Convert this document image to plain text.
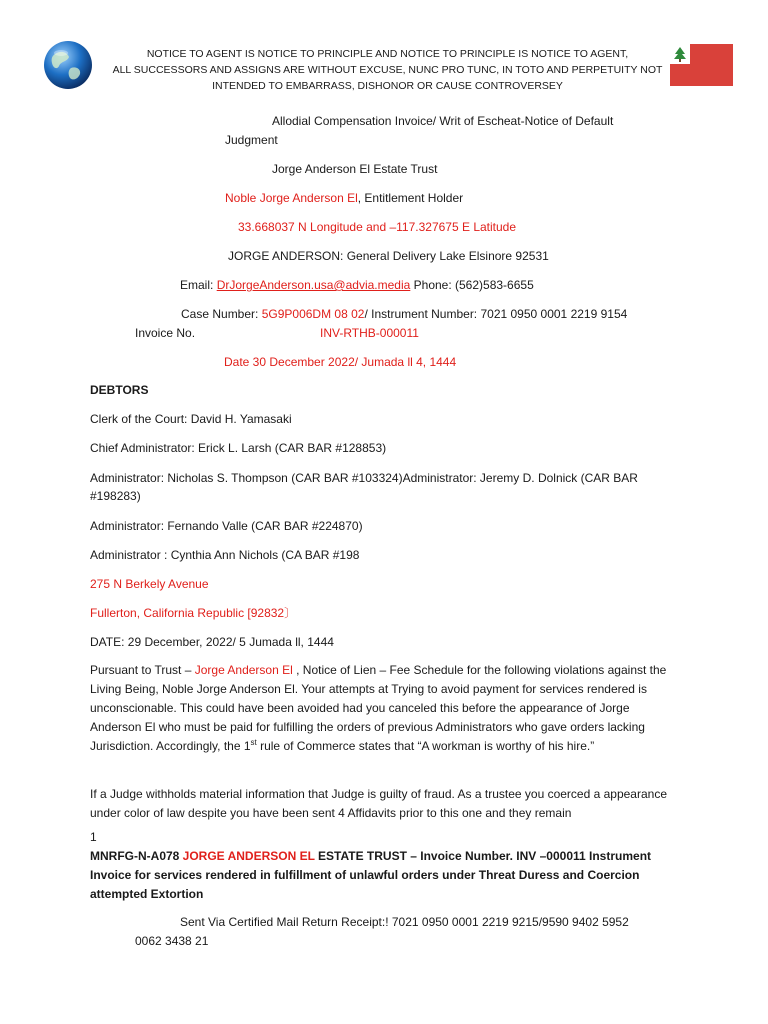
NOTICE TO AGENT IS NOTICE TO PRINCIPLE AND NOTICE TO PRINCIPLE IS NOTICE TO AGENT,
ALL SUCCESSORS AND ASSIGNS ARE WITHOUT EXCUSE, NUNC PRO TUNC, IN TOTO AND PERPETUITY NOT
INTENDED TO EMBARRASS, DISHONOR OR CAUSE CONTROVERSEY
Allodial Compensation Invoice/ Writ of Escheat-Notice of Default
Judgment
Jorge Anderson El Estate Trust
Noble Jorge Anderson El, Entitlement Holder
33.668037 N Longitude and –117.327675 E Latitude
JORGE ANDERSON: General Delivery Lake Elsinore 92531
Email: DrJorgeAnderson.usa@advia.media Phone: (562)583-6655
Case Number: 5G9P006DM 08 02/ Instrument Number: 7021 0950 0001 2219 9154
Invoice No.	INV-RTHB-000011
Date 30 December 2022/ Jumada ll 4, 1444
DEBTORS
Clerk of the Court: David H. Yamasaki
Chief Administrator: Erick L. Larsh (CAR BAR #128853)
Administrator: Nicholas S. Thompson (CAR BAR #103324)Administrator: Jeremy D. Dolnick (CAR BAR
#198283)
Administrator: Fernando Valle (CAR BAR #224870)
Administrator : Cynthia Ann Nichols (CA BAR #198
275 N Berkely Avenue
Fullerton, California Republic [92832〕
DATE: 29 December, 2022/ 5 Jumada ll, 1444
Pursuant to Trust – Jorge Anderson El , Notice of Lien – Fee Schedule for the following violations against the Living Being, Noble Jorge Anderson El. Your attempts at Trying to avoid payment for services rendered is unconscionable. This could have been avoided had you canceled this before the appearance of Jorge Anderson El who must be paid for fulfilling the orders of previous Administrators who gave orders lacking Jurisdiction. Accordingly, the 1st rule of Commerce states that “A workman is worthy of his hire.”
If a Judge withholds material information that Judge is guilty of fraud. As a trustee you coerced a appearance under color of law despite you have been sent 4 Affidavits prior to this one and they remain
1
MNRFG-N-A078 JORGE ANDERSON EL ESTATE TRUST – Invoice Number. INV –000011 Instrument
Invoice for services rendered in fulfillment of unlawful orders under Threat Duress and Coercion
attempted Extortion
Sent Via Certified Mail Return Receipt:! 7021 0950 0001 2219 9215/9590 9402 5952
0062 3438 21
